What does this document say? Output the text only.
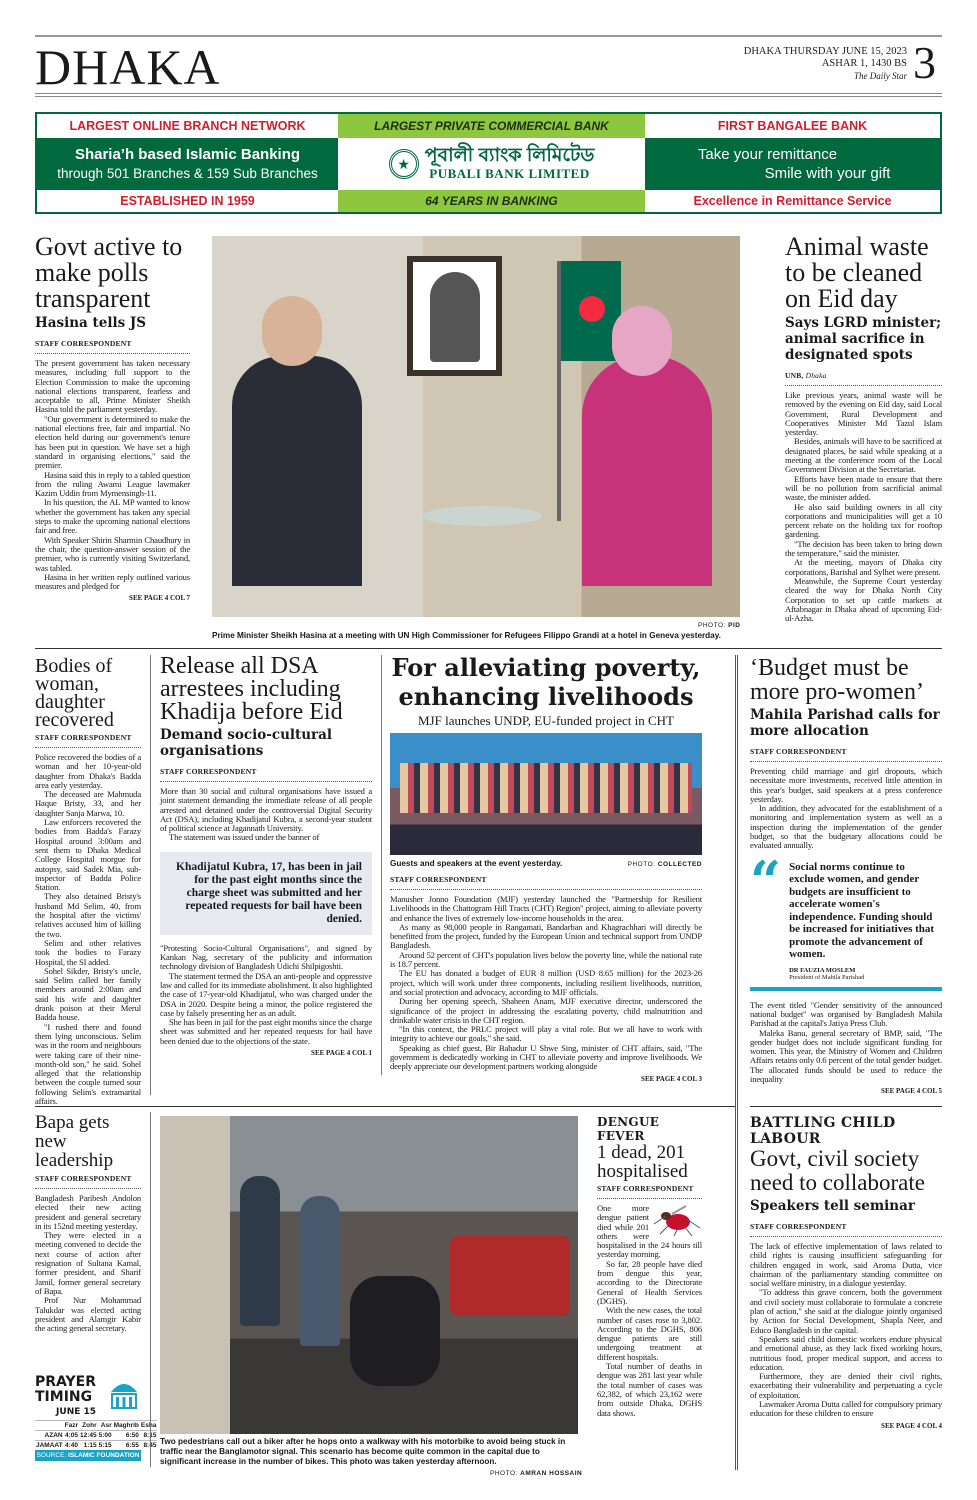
DHAKA	DHAKA THURSDAY JUNE 15, 2023
ASHAR 1, 1430 BS
The Daily Star 3
LARGEST ONLINE BRANCH NETWORK	LARGEST PRIVATE COMMERCIAL BANK	FIRST BANGALEE BANK
Sharia’h based Islamic Banking
through 501 Branches & 159 Sub Branches
★ পূবালী ব্যাংক লিমিটেড
PUBALI BANK LIMITED
Take your remittance
Smile with your gift
ESTABLISHED IN 1959	64 YEARS IN BANKING	Excellence in Remittance Service
Govt active to make polls transparent
Hasina tells JS
STAFF CORRESPONDENT

The present government has taken necessary measures, including full support to the Election Commission to make the upcoming national elections transparent, fearless and acceptable to all, Prime Minister Sheikh Hasina told the parliament yesterday.

"Our government is determined to make the national elections free, fair and impartial. No election held during our government's tenure has been put in question. We have set a high standard in organising elections," said the premier.

Hasina said this in reply to a tabled question from the ruling Awami League lawmaker Kazim Uddin from Mymensingh-11.

In his question, the AL MP wanted to know whether the government has taken any special steps to make the upcoming national elections fair and free.

With Speaker Shirin Sharmin Chaudhury in the chair, the question-answer session of the premier, who is currently visiting Switzerland, was tabled.

Hasina in her written reply outlined various measures and pledged for

SEE PAGE 4 COL 7
PHOTO: PID
Prime Minister Sheikh Hasina at a meeting with UN High Commissioner for Refugees Filippo Grandi at a hotel in Geneva yesterday.
Animal waste to be cleaned on Eid day
Says LGRD minister; animal sacrifice in designated spots
UNB, Dhaka

Like previous years, animal waste will be removed by the evening on Eid day, said Local Government, Rural Development and Cooperatives Minister Md Tazul Islam yesterday.

Besides, animals will have to be sacrificed at designated places, he said while speaking at a meeting at the conference room of the Local Government Division at the Secretariat.

Efforts have been made to ensure that there will be no pollution from sacrificial animal waste, the minister added.

He also said building owners in all city corporations and municipalities will get a 10 percent rebate on the holding tax for rooftop gardening.

"The decision has been taken to bring down the temperature," said the minister.

At the meeting, mayors of Dhaka city corporations, Barishal and Sylhet were present.

Meanwhile, the Supreme Court yesterday cleared the way for Dhaka North City Corporation to set up cattle markets at Aftabnagar in Dhaka ahead of upcoming Eid-ul-Azha.

Bodies of woman, daughter recovered
STAFF CORRESPONDENT

Police recovered the bodies of a woman and her 10-year-old daughter from Dhaka's Badda area early yesterday.

The deceased are Mahmuda Haque Bristy, 33, and her daughter Sanja Marwa, 10.

Law enforcers recovered the bodies from Badda's Farazy Hospital around 3:00am and sent them to Dhaka Medical College Hospital morgue for autopsy, said Sadek Mia, sub-inspector of Badda Police Station.

They also detained Bristy's husband Md Selim, 40, from the hospital after the victims' relatives accused him of killing the two.

Selim and other relatives took the bodies to Farazy Hospital, the SI added.

Sohel Sikder, Bristy's uncle, said Selim called her family members around 2:00am and said his wife and daughter drank poison at their Merul Badda house.

"I rushed there and found them lying unconscious. Selim was in the room and neighbours were taking care of their nine-month-old son," he said. Sohel alleged that the relationship between the couple turned sour following Selim's extramarital affairs.

Release all DSA arrestees including Khadija before Eid
Demand socio-cultural organisations
STAFF CORRESPONDENT

More than 30 social and cultural organisations have issued a joint statement demanding the immediate release of all people arrested and detained under the controversial Digital Security Act (DSA), including Khadijatul Kubra, a second-year student of political science at Jagannath University.

The statement was issued under the banner of

Khadijatul Kubra, 17, has been in jail for the past eight months since the charge sheet was submitted and her repeated requests for bail have been denied.

"Protesting Socio-Cultural Organisations", and signed by Kankan Nag, secretary of the publicity and information technology division of Bangladesh Udichi Shilpigoshti.

The statement termed the DSA an anti-people and oppressive law and called for its immediate abolishment. It also highlighted the case of 17-year-old Khadijatul, who was charged under the DSA in 2020. Despite being a minor, the police registered the case by falsely presenting her as an adult.

She has been in jail for the past eight months since the charge sheet was submitted and her repeated requests for bail have been denied due to the objections of the state.

SEE PAGE 4 COL 1
For alleviating poverty, enhancing livelihoods
MJF launches UNDP, EU-funded project in CHT
Guests and speakers at the event yesterday.	PHOTO: COLLECTED
STAFF CORRESPONDENT

Manusher Jonno Foundation (MJF) yesterday launched the "Partnership for Resilient Livelihoods in the Chattogram Hill Tracts (CHT) Region" project, aiming to alleviate poverty and enhance the lives of extremely low-income households in the area.

As many as 98,000 people in Rangamati, Bandarban and Khagrachhari will directly be benefitted from the project, funded by the European Union and technical support from UNDP Bangladesh.

Around 52 percent of CHT's population lives below the poverty line, while the national rate is 18.7 percent.

The EU has donated a budget of EUR 8 million (USD 8.65 million) for the 2023-26 project, which will work under three components, including resilient livelihoods, nutrition, and social protection and advocacy, according to MJF officials.

During her opening speech, Shaheen Anam, MJF executive director, underscored the significance of the project in addressing the escalating poverty, child malnutrition and drinkable water crisis in the CHT region.

"In this context, the PRLC project will play a vital role. But we all have to work with integrity to achieve our goals," she said.

Speaking as chief guest, Bir Bahadur U Shwe Sing, minister of CHT affairs, said, "The government is dedicatedly working in CHT to alleviate poverty and improve livelihoods. We deeply appreciate our development partners working alongside

SEE PAGE 4 COL 3
‘Budget must be more pro-women’
Mahila Parishad calls for more allocation
STAFF CORRESPONDENT

Preventing child marriage and girl dropouts, which necessitate more investments, received little attention in this year's budget, said speakers at a press conference yesterday.

In addition, they advocated for the establishment of a monitoring and implementation system as well as a inspection during the implementation of the gender budget, so that the budgetary allocations could be evaluated annually.

“ Social norms continue to exclude women, and gender budgets are insufficient to accelerate women's independence. Funding should be increased for initiatives that promote the advancement of women.
DR FAUZIA MOSLEM
President of Mahila Parishad

The event titled "Gender sensitivity of the announced national budget" was organised by Bangladesh Mahila Parishad at the capital's Jatiya Press Club.

Maleka Banu, general secretary of BMP, said, "The gender budget does not include significant funding for women. This year, the Ministry of Women and Children Affairs retains only 0.6 percent of the total gender budget. The allocated funds should be used to reduce the inequality

SEE PAGE 4 COL 5
Bapa gets new leadership
STAFF CORRESPONDENT

Bangladesh Paribesh Andolon elected their new acting president and general secretary in its 152nd meeting yesterday.

They were elected in a meeting convened to decide the next course of action after resignation of Sultana Kamal, former president, and Sharif Jamil, former general secretary of Bapa.

Prof Nur Mohammad Talukdar was elected acting president and Alamgir Kabir the acting general secretary.

PRAYER
TIMING
JUNE 15
	Fazr	Zohr	Asr	Maghrib	Esha
AZAN	4:05	12:45	5:00	6:50	8:15
JAMAAT	4:40	1:15	5:15	6:55	8:45
SOURCE: ISLAMIC FOUNDATION
Two pedestrians call out a biker after he hops onto a walkway with his motorbike to avoid being stuck in traffic near the Banglamotor signal. This scenario has become quite common in the capital due to significant increase in the number of bikes. This photo was taken yesterday afternoon.
PHOTO: AMRAN HOSSAIN
DENGUE FEVER
1 dead, 201 hospitalised
STAFF CORRESPONDENT

One more dengue patient died while 201 others were hospitalised in the 24 hours till yesterday morning.

So far, 28 people have died from dengue this year, according to the Directorate General of Health Services (DGHS).

With the new cases, the total number of cases rose to 3,802. According to the DGHS, 806 dengue patients are still undergoing treatment at different hospitals.

Total number of deaths in dengue was 281 last year while the total number of cases was 62,382, of which 23,162 were from outside Dhaka, DGHS data shows.

BATTLING CHILD LABOUR
Govt, civil society need to collaborate
Speakers tell seminar
STAFF CORRESPONDENT

The lack of effective implementation of laws related to child rights is causing insufficient safeguarding for children engaged in work, said Aroma Dutta, vice chairman of the parliamentary standing committee on social welfare ministry, in a dialogue yesterday.

"To address this grave concern, both the government and civil society must collaborate to formulate a concrete plan of action," she said at the dialogue jointly organised by Action for Social Development, Shapla Neer, and Educo Bangladesh in the capital.

Speakers said child domestic workers endure physical and emotional abuse, as they lack fixed working hours, nutritious food, proper medical support, and access to education.

Furthermore, they are denied their civil rights, exacerbating their vulnerability and perpetuating a cycle of exploitation.

Lawmaker Aroma Dutta called for compulsory primary education for these children to ensure

SEE PAGE 4 COL 4
